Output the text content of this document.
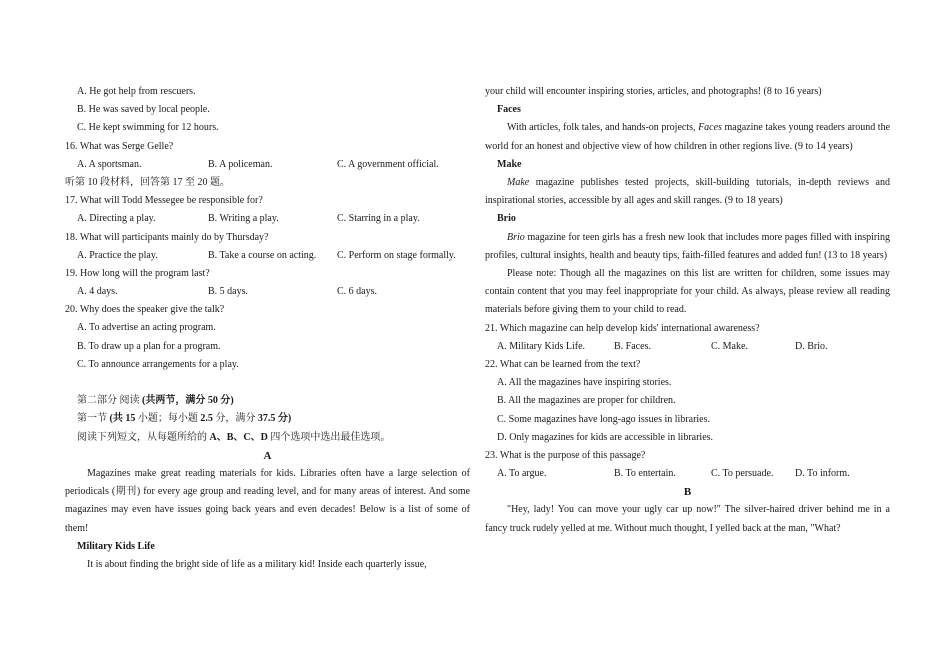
A. He got help from rescuers.
B. He was saved by local people.
C. He kept swimming for 12 hours.
16. What was Serge Gelle?
A. A sportsman.	B. A policeman.	C. A government official.
听第 10 段材料，回答第 17 至 20 题。
17. What will Todd Messegee be responsible for?
A. Directing a play.	B. Writing a play.	C. Starring in a play.
18. What will participants mainly do by Thursday?
A. Practice the play.	B. Take a course on acting.	C. Perform on stage formally.
19. How long will the program last?
A. 4 days.	B. 5 days.	C. 6 days.
20. Why does the speaker give the talk?
A. To advertise an acting program.
B. To draw up a plan for a program.
C. To announce arrangements for a play.
第二部分 阅读 (共两节，满分 50 分)
第一节 (共 15 小题；每小题 2.5 分，满分 37.5 分)
阅读下列短文，从每题所给的 A、B、C、D 四个选项中选出最佳选项。
A

Magazines make great reading materials for kids. Libraries often have a large selection of periodicals (期刊) for every age group and reading level, and for many areas of interest. And some magazines may even have issues going back years and even decades! Below is a list of some of them!

Military Kids Life

It is about finding the bright side of life as a military kid! Inside each quarterly issue,

your child will encounter inspiring stories, articles, and photographs! (8 to 16 years)
Faces

With articles, folk tales, and hands-on projects, Faces magazine takes young readers around the world for an honest and objective view of how children in other regions live. (9 to 14 years)

Make

Make magazine publishes tested projects, skill-building tutorials, in-depth reviews and inspirational stories, accessible by all ages and skill ranges. (9 to 18 years)

Brio

Brio magazine for teen girls has a fresh new look that includes more pages filled with inspiring profiles, cultural insights, health and beauty tips, faith-filled features and added fun! (13 to 18 years)

Please note: Though all the magazines on this list are written for children, some issues may contain content that you may feel inappropriate for your child. As always, please review all reading materials before giving them to your child to read.

21. Which magazine can help develop kids' international awareness?
A. Military Kids Life.	B. Faces.	C. Make.	D. Brio.
22. What can be learned from the text?
A. All the magazines have inspiring stories.
B. All the magazines are proper for children.
C. Some magazines have long-ago issues in libraries.
D. Only magazines for kids are accessible in libraries.
23. What is the purpose of this passage?
A. To argue.	B. To entertain.	C. To persuade.	D. To inform.
B

"Hey, lady! You can move your ugly car up now!" The silver-haired driver behind me in a fancy truck rudely yelled at me. Without much thought, I yelled back at the man, "What?
